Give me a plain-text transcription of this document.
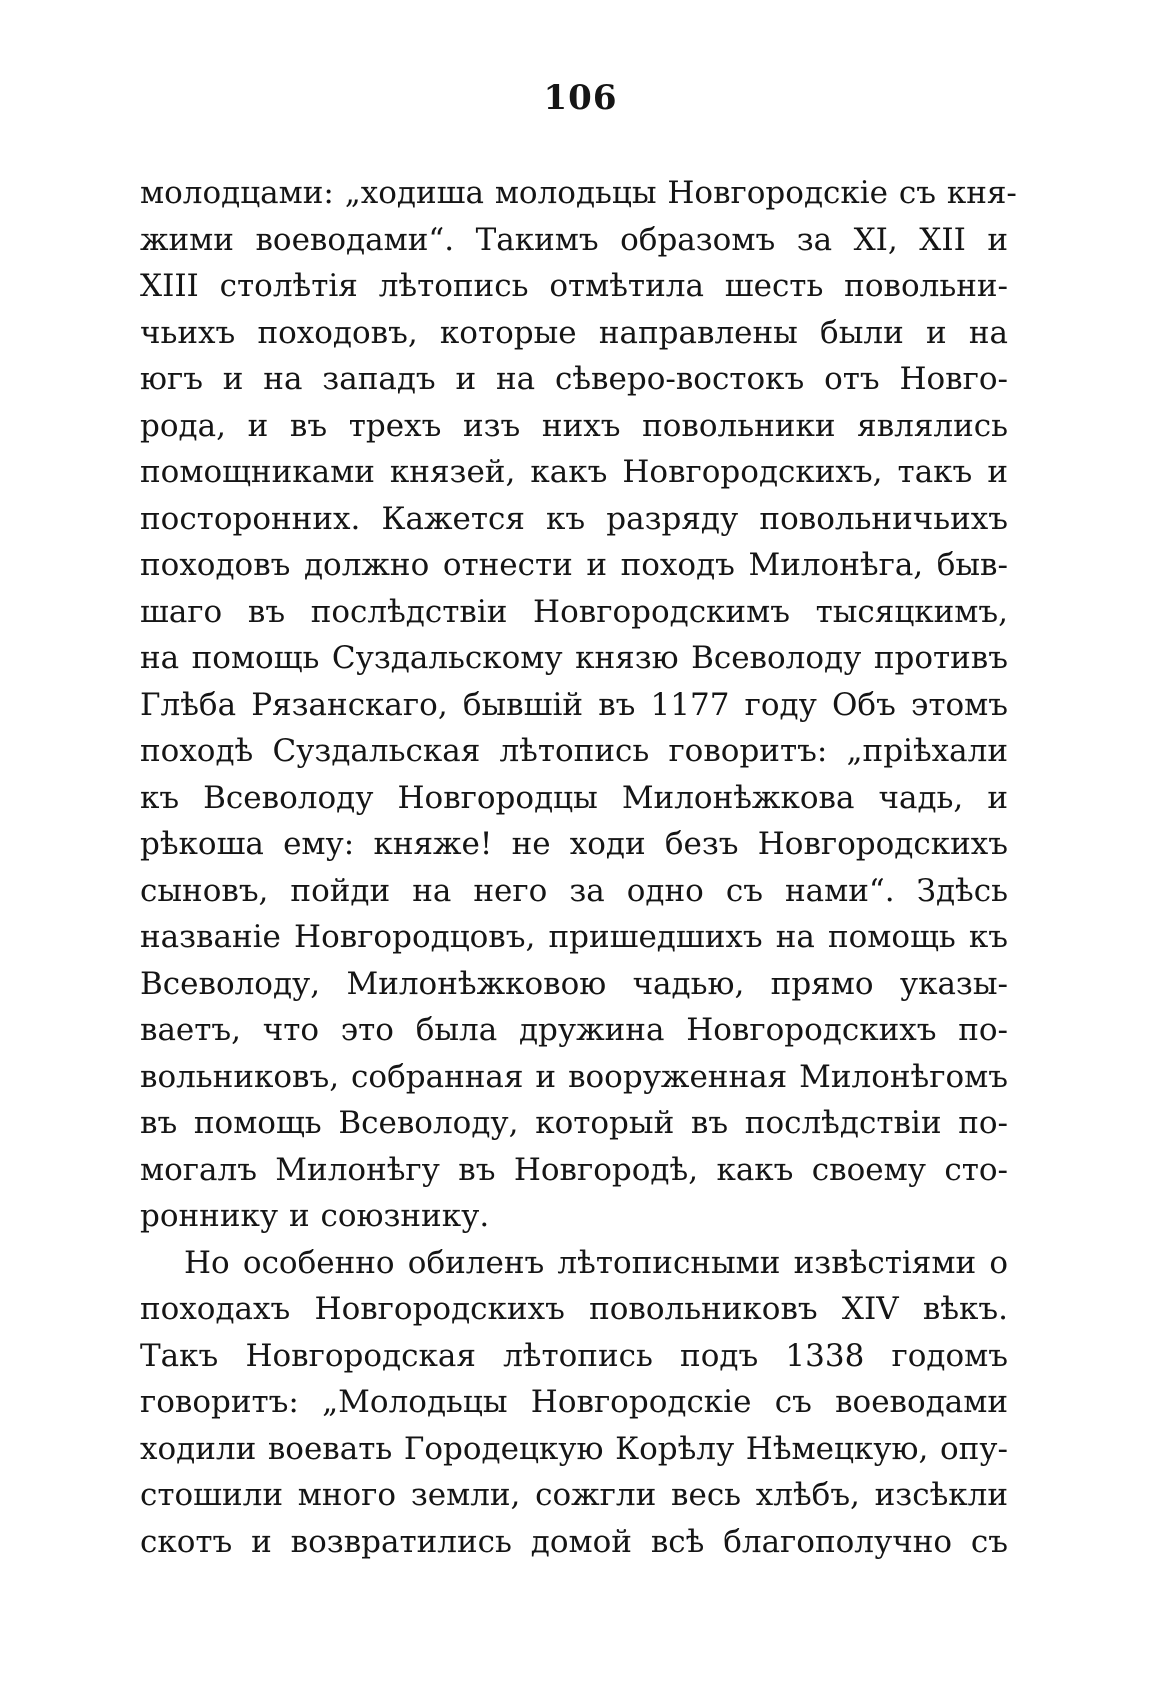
106
молодцами: „ходиша молодьцы Новгородскіе съ кня-
жими воеводами“. Такимъ образомъ за XI, XII и
XIII столѣтія лѣтопись отмѣтила шесть повольни-
чьихъ походовъ, которые направлены были и на
югъ и на западъ и на сѣверо-востокъ отъ Новго-
рода, и въ трехъ изъ нихъ повольники являлись
помощниками князей, какъ Новгородскихъ, такъ и
посторонних. Кажется къ разряду повольничьихъ
походовъ должно отнести и походъ Милонѣга, быв-
шаго въ послѣдствіи Новгородскимъ тысяцкимъ,
на помощь Суздальскому князю Всеволоду противъ
Глѣба Рязанскаго, бывшій въ 1177 году Объ этомъ
походѣ Суздальская лѣтопись говоритъ: „пріѣхали
къ Всеволоду Новгородцы Милонѣжкова чадь, и
рѣкоша ему: княже! не ходи безъ Новгородскихъ
сыновъ, пойди на него за одно съ нами“. Здѣсь
названіе Новгородцовъ, пришедшихъ на помощь къ
Всеволоду, Милонѣжковою чадью, прямо указы-
ваетъ, что это была дружина Новгородскихъ по-
вольниковъ, собранная и вооруженная Милонѣгомъ
въ помощь Всеволоду, который въ послѣдствіи по-
могалъ Милонѣгу въ Новгородѣ, какъ своему сто-
роннику и союзнику.
Но особенно обиленъ лѣтописными извѣстіями о
походахъ Новгородскихъ повольниковъ XIV вѣкъ.
Такъ Новгородская лѣтопись подъ 1338 годомъ
говоритъ: „Молодьцы Новгородскіе съ воеводами
ходили воевать Городецкую Корѣлу Нѣмецкую, опу-
стошили много земли, сожгли весь хлѣбъ, изсѣкли
скотъ и возвратились домой всѣ благополучно съ
